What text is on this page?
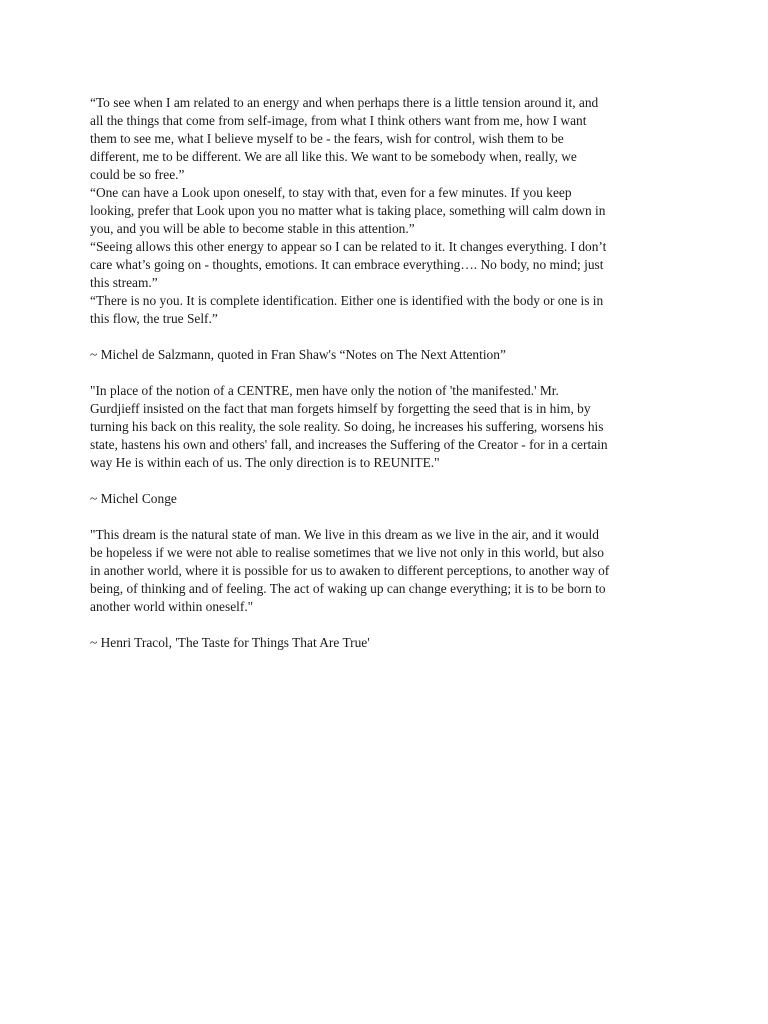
“To see when I am related to an energy and when perhaps there is a little tension around it, and
all the things that come from self-image, from what I think others want from me, how I want
them to see me, what I believe myself to be - the fears, wish for control, wish them to be
different, me to be different. We are all like this. We want to be somebody when, really, we
could be so free.”
“One can have a Look upon oneself, to stay with that, even for a few minutes. If you keep
looking, prefer that Look upon you no matter what is taking place, something will calm down in
you, and you will be able to become stable in this attention.”
“Seeing allows this other energy to appear so I can be related to it. It changes everything. I don’t
care what’s going on - thoughts, emotions. It can embrace everything…. No body, no mind; just
this stream.”
“There is no you. It is complete identification. Either one is identified with the body or one is in
this flow, the true Self.”
~ Michel de Salzmann, quoted in Fran Shaw's “Notes on The Next Attention”
"In place of the notion of a CENTRE, men have only the notion of 'the manifested.' Mr.
Gurdjieff insisted on the fact that man forgets himself by forgetting the seed that is in him, by
turning his back on this reality, the sole reality. So doing, he increases his suffering, worsens his
state, hastens his own and others' fall, and increases the Suffering of the Creator - for in a certain
way He is within each of us. The only direction is to REUNITE."
~ Michel Conge
"This dream is the natural state of man. We live in this dream as we live in the air, and it would
be hopeless if we were not able to realise sometimes that we live not only in this world, but also
in another world, where it is possible for us to awaken to different perceptions, to another way of
being, of thinking and of feeling. The act of waking up can change everything; it is to be born to
another world within oneself."
~ Henri Tracol, 'The Taste for Things That Are True'
